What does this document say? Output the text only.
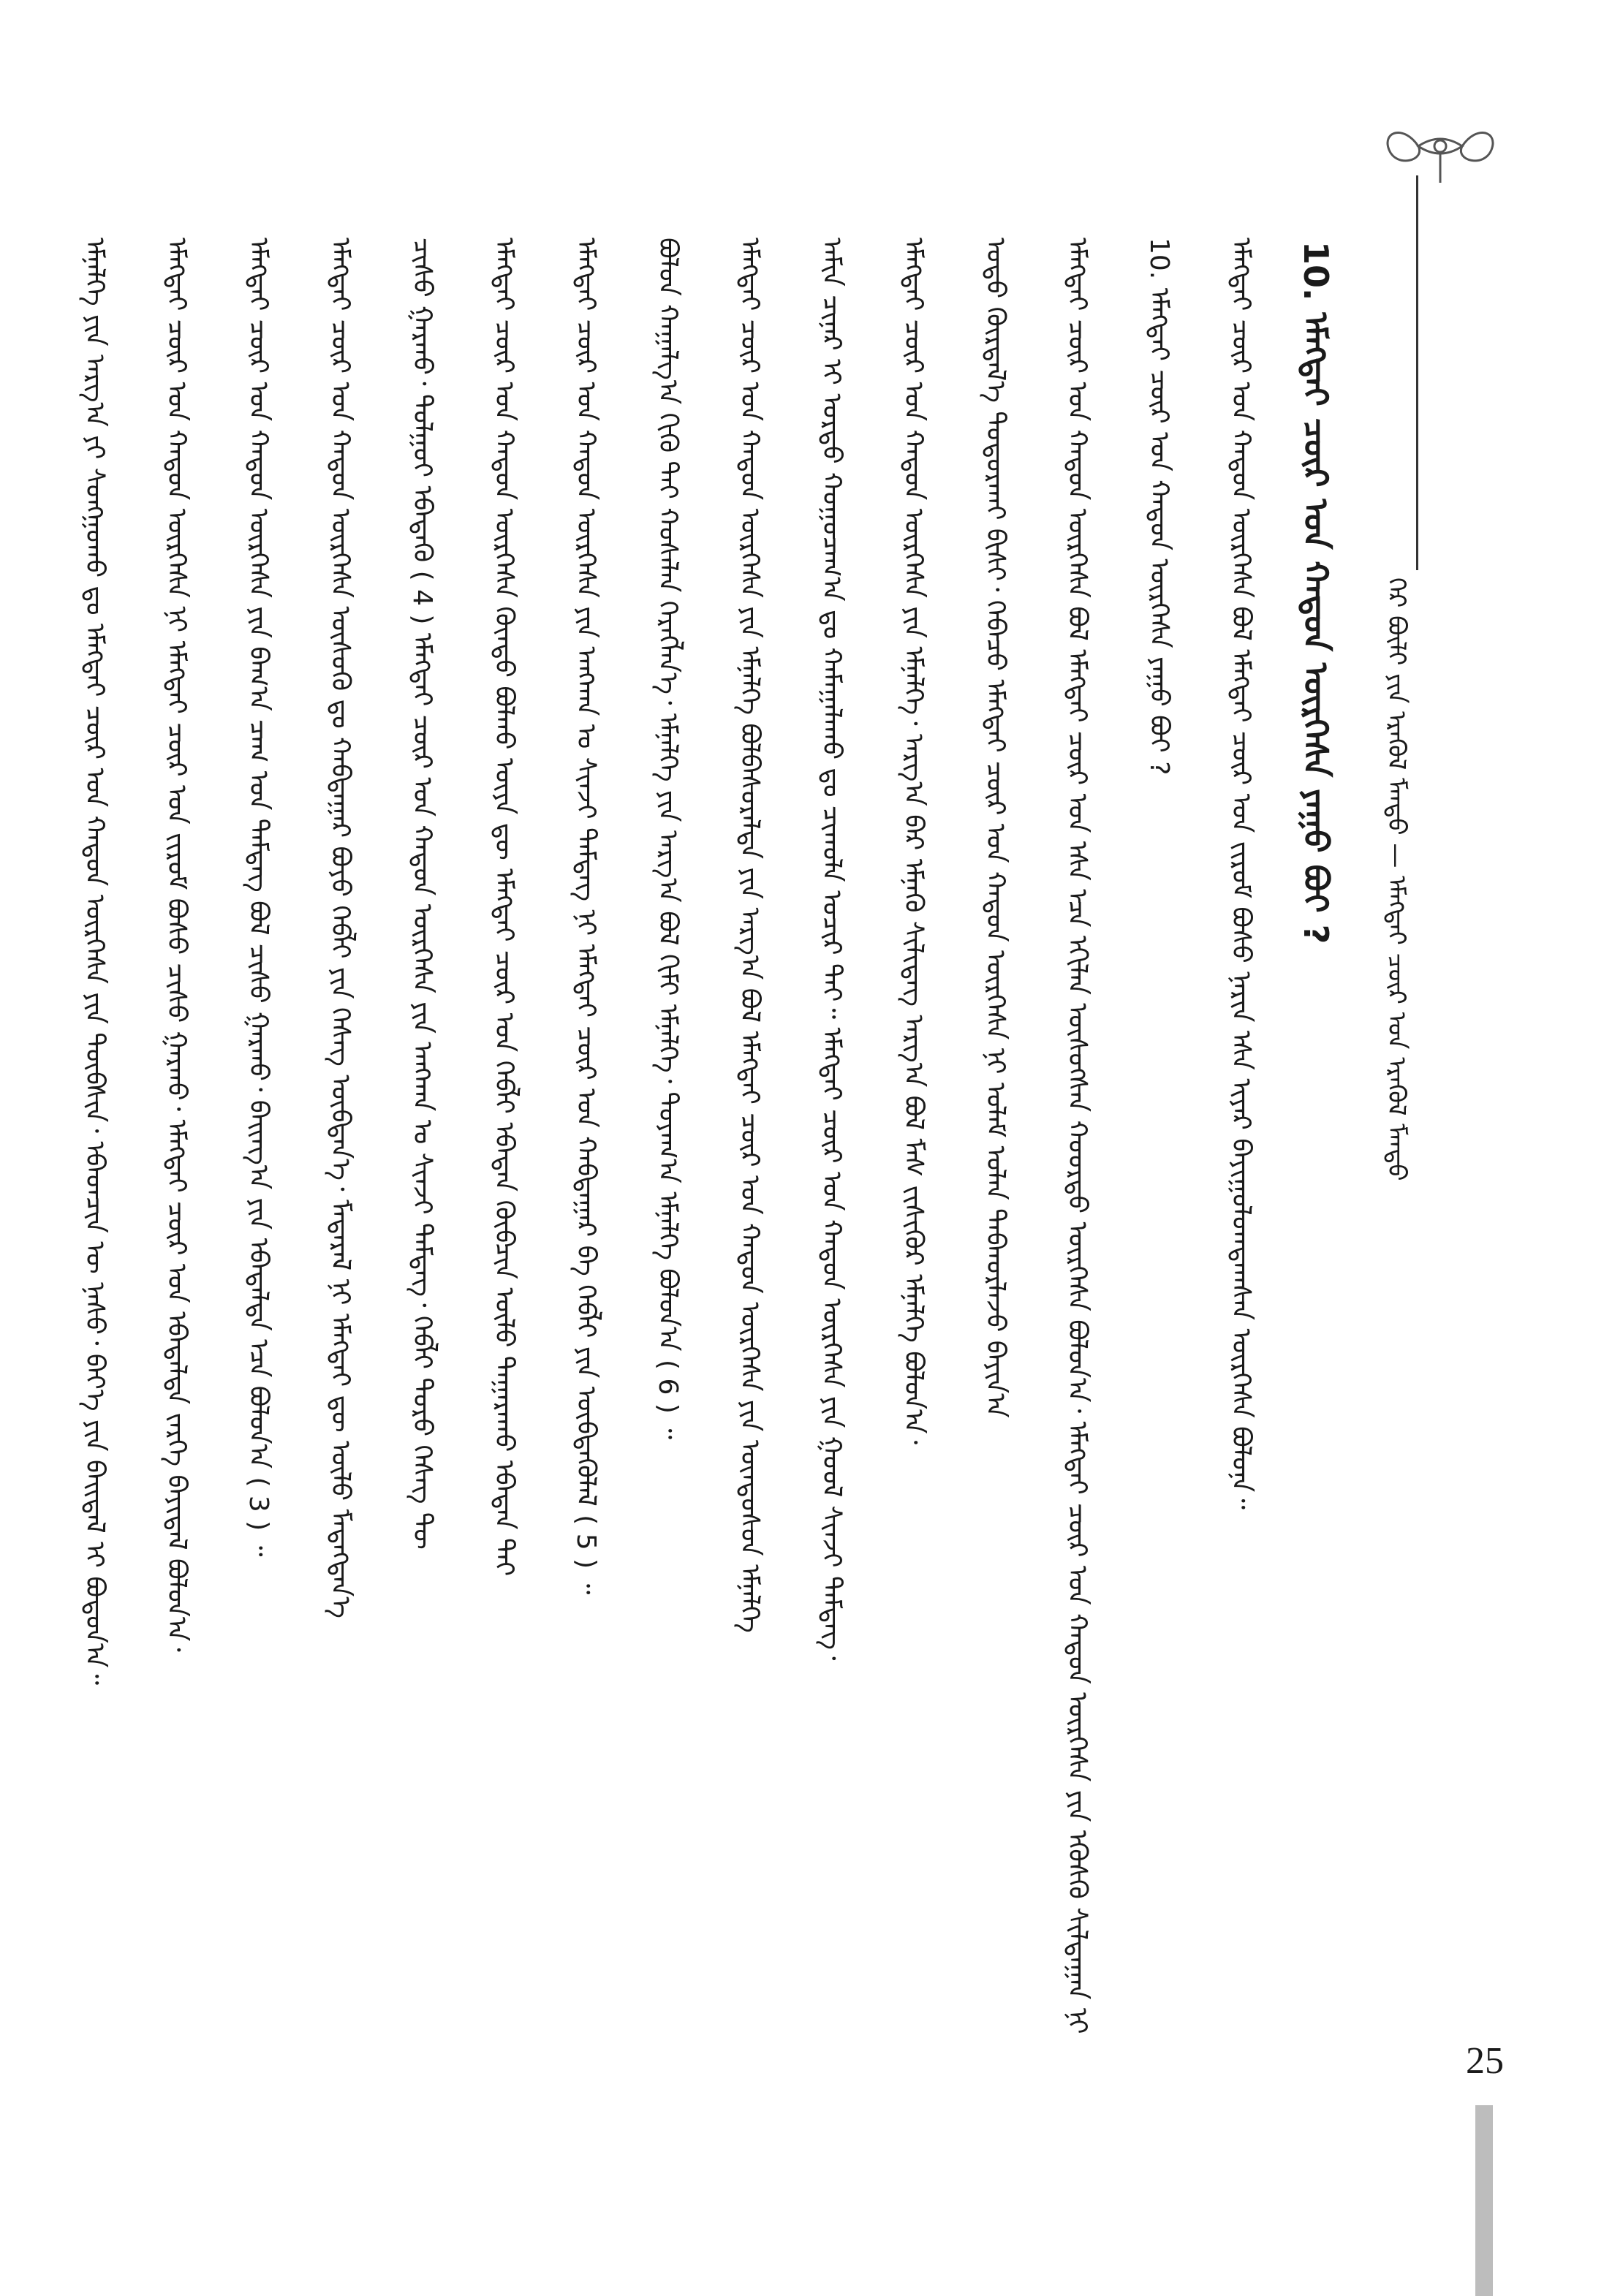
ᠭᠡᠷ ᠪᠦᠯᠢ ᠶᠢᠨ ᠡᠷᠡᠭᠦᠯ ᠮᠡᠨᠳᠦ — ᠡᠮᠡᠭᠲᠡᠢ ᠴᠦᠷ ᠤᠨ ᠡᠷᠡᠭᠦᠯ ᠮᠡᠨᠳᠦ
10. ᠡᠮᠡᠭᠲᠡᠢ ᠴᠦᠷ ᠤᠨ ᠬᠠᠳᠤᠨ ᠦᠷᠭᠡᠰᠡ ᠶᠠᠭᠤ ᠪᠤᠢ ?
ᠡᠮᠡᠭᠲᠡᠢ ᠴᠦᠷ ᠤᠨ ᠬᠠᠳᠤᠨ ᠦᠷᠭᠡᠰᠡ ᠪᠣᠯ ᠡᠮᠡᠭᠲᠡᠢ ᠴᠦᠷ ᠤᠨ ᠵᠢᠷᠤᠮ ᠪᠤᠰᠤ ᠨᠠᠷᠢᠨ ᠡᠰᠡ ᠢᠶᠡᠷ ᠪᠠᠶᠢᠭᠤᠯᠤᠭᠳᠠᠭᠰᠠᠨ ᠦᠷᠭᠡᠰᠡ ᠪᠣᠯᠤᠨᠠ᠃
10. ᠡᠮᠡᠭᠲᠡᠢ ᠴᠦᠷ ᠤᠨ ᠬᠠᠳᠤᠨ ᠦᠷᠭᠡᠰᠡ ᠶᠠᠭᠤ ᠪᠤᠢ ?
ᠡᠮᠡᠭᠲᠡᠢ ᠴᠦᠷ ᠤᠨ ᠬᠠᠳᠤᠨ ᠦᠷᠭᠡᠰᠡ ᠪᠣᠯ ᠡᠮᠡᠭᠲᠡᠢ ᠴᠦᠷ ᠤᠨ ᠡᠰᠡ ᠡᠴᠡ ᠡᠬᠢᠯᠡᠨ ᠦᠰᠦᠭᠰᠡᠨ ᠬᠣᠣᠷᠲᠤ ᠦᠷᠭᠡᠰᠡ ᠪᠣᠯᠤᠨ᠎ᠠ᠂ ᠡᠮᠡᠭᠲᠡᠢ ᠴᠦᠷ ᠤᠨ ᠬᠠᠳᠤᠨ ᠦᠷᠭᠡᠰᠡ ᠶᠢᠨ ᠡᠭᠦᠰᠬᠦ ᠰᠢᠯᠳᠠᠭᠠᠨ ᠨᠢ
ᠣᠳᠣ ᠬᠦᠷᠲᠡᠯ᠎ᠡ ᠲᠣᠳᠣᠷᠬᠠᠢ ᠪᠢᠰᠢ᠂ ᠭᠡᠪᠡᠴᠦ ᠡᠮᠡᠭᠲᠡᠢ ᠴᠦᠷ ᠤᠨ ᠬᠠᠳᠤᠨ ᠦᠷᠭᠡᠰᠡ ᠨᠢ ᠤᠯᠠᠮ ᠣᠯᠠᠨ ᠳᠠᠪᠬᠤᠷᠯᠠᠵᠤ ᠪᠠᠶᠢᠨ᠎ᠠ
ᠡᠮᠡᠭᠲᠡᠢ ᠴᠦᠷ ᠤᠨ ᠬᠠᠳᠤᠨ ᠦᠷᠭᠡᠰᠡ ᠶᠢᠨ ᠡᠮᠨᠡᠯᠭᠡ᠂ ᠠᠷᠭ᠎ᠠ ᠪᠠᠷ ᠡᠮᠨᠡᠬᠦ ᠰᠢᠯᠢᠳᠡᠭ ᠠᠷᠭ᠎ᠠ ᠪᠣᠯ ᠮᠡᠰ ᠵᠢᠰᠢᠭᠦᠷ ᠡᠮᠨᠡᠯᠭᠡ ᠪᠣᠯᠤᠨ᠎ᠠ᠂
ᠠᠮᠢᠨ ᠴᠢᠨᠠᠷ ᠢ ᠤᠷᠲᠤ ᠬᠤᠭᠤᠴᠠᠭ᠎ᠠ ᠳᠤ ᠬᠠᠮᠠᠭᠠᠯᠠᠬᠤ ᠳᠤ ᠴᠢᠬᠤᠯᠠ ᠤᠴᠢᠷ ᠲᠠᠢ᠃ ᠡᠮᠡᠭᠲᠡᠢ ᠴᠦᠷ ᠤᠨ ᠬᠠᠳᠤᠨ ᠦᠷᠭᠡᠰᠡ ᠶᠢᠨ ᠭᠣᠣᠯ ᠱᠢᠨᠵᠢ ᠲᠡᠮᠳᠡᠭ᠂
ᠡᠮᠡᠭᠲᠡᠢ ᠴᠦᠷ ᠤᠨ ᠬᠠᠳᠤᠨ ᠦᠷᠭᠡᠰᠡ ᠶᠢᠨ ᠡᠮᠨᠡᠯᠭᠡ ᠪᠣᠯᠪᠠᠰᠤᠷᠠᠯᠲᠠ ᠶᠢᠨ ᠠᠷᠭ᠎ᠠ ᠪᠣᠯ ᠡᠮᠡᠭᠲᠡᠢ ᠴᠦᠷ ᠤᠨ ᠬᠠᠳᠤᠨ ᠦᠷᠭᠡᠰᠡ ᠶᠢᠨ ᠦᠨᠳᠦᠰᠦᠨ ᠡᠮᠨᠡᠯᠭᠡ
ᠪᠣᠯᠤᠨ ᠬᠠᠭᠠᠯᠭ᠎ᠠ ᠬᠢᠬᠦ ᠲᠠᠢ ᠬᠣᠰᠠᠯᠠᠨ ᠬᠡᠷᠡᠭᠯᠡᠨ᠎ᠡ᠂ ᠡᠮᠨᠡᠯᠭᠡ ᠶᠢᠨ ᠠᠷᠭ᠎ᠠ ᠪᠣᠯ ᠬᠢᠮᠢ ᠡᠮᠨᠡᠯᠭᠡ᠂ ᠲᠤᠶᠠᠭ᠎ᠠ ᠡᠮᠨᠡᠯᠭᠡ ᠪᠣᠯᠤᠨ᠎ᠠ ( 6 ) ᠃
ᠡᠮᠡᠭᠲᠡᠢ ᠴᠦᠷ ᠤᠨ ᠬᠠᠳᠤᠨ ᠦᠷᠭᠡᠰᠡ ᠶᠢᠨ ᠠᠩᠬᠠᠨ ᠤ ᠱᠢᠨᠵᠢ ᠲᠡᠮᠳᠡᠭ ᠨᠢ ᠡᠮᠡᠭᠲᠡᠢ ᠴᠦᠷ ᠤᠨ ᠬᠠᠪᠳᠠᠭᠠᠷ ᠪᠠ ᠬᠡᠪᠯᠢ ᠶᠢᠨ ᠦᠪᠳᠡᠭᠦᠯᠡᠯ ( 5 ) ᠃
ᠡᠮᠡᠭᠲᠡᠢ ᠴᠦᠷ ᠤᠨ ᠬᠠᠳᠤᠨ ᠦᠷᠭᠡᠰᠡ ᠬᠦᠨᠳᠦ ᠪᠣᠯᠬᠤ ᠦᠶᠡ ᠳᠦ ᠡᠮᠡᠭᠲᠡᠢ ᠴᠦᠷ ᠤᠨ ᠬᠡᠪᠯᠢ ᠡᠪᠡᠳᠡᠨ ᠬᠥᠪᠴᠢᠨ ᠦᠯᠦ ᠲᠠᠭᠠᠷᠠᠬᠤ ᠡᠪᠡᠳᠡᠨ ᠲᠠᠢ
ᠴᠢᠰᠤ ᠭᠠᠷᠬᠤ᠂ ᠲᠣᠯᠭᠣᠢ ᠡᠪᠡᠳᠡᠬᠦ ( 4 ) ᠡᠮᠡᠭᠲᠡᠢ ᠴᠦᠷ ᠤᠨ ᠬᠠᠳᠤᠨ ᠦᠷᠭᠡᠰᠡ ᠶᠢᠨ ᠠᠩᠬᠠᠨ ᠤ ᠱᠢᠨᠵᠢ ᠲᠡᠮᠳᠡᠭ᠂ ᠬᠡᠪᠯᠢ ᠳᠣᠷᠤ ᠬᠡᠰᠡᠭ ᠲᠦ
ᠡᠮᠡᠭᠲᠡᠢ ᠴᠦᠷ ᠤᠨ ᠬᠠᠳᠤᠨ ᠦᠷᠭᠡᠰᠡ ᠦᠰᠦᠬᠦ ᠳᠤ ᠬᠠᠪᠳᠠᠭᠠᠷ ᠪᠤᠶᠤ ᠬᠡᠪᠯᠢ ᠶᠢᠨ ᠬᠡᠰᠡᠭ ᠦᠪᠳᠡᠨ᠎ᠡ᠂ ᠮᠡᠳᠡᠷᠡᠯ ᠨᠢ ᠡᠮᠡᠭᠲᠡᠢ ᠳᠦ ᠦᠯᠦ ᠮᠡᠳᠡᠭᠳᠡᠨ᠎ᠡ
ᠡᠮᠡᠭᠲᠡᠢ ᠴᠦᠷ ᠤᠨ ᠬᠠᠳᠤᠨ ᠦᠷᠭᠡᠰᠡ ᠶᠢᠨ ᠪᠠᠭ᠎ᠠ ᠴᠠᠭ ᠤᠨ ᠲᠡᠮᠳᠡᠭ ᠪᠣᠯ ᠴᠢᠰᠤ ᠭᠠᠷᠬᠤ᠂ ᠪᠠᠢᠨᠭ᠎ᠠ ᠶᠢᠨ ᠡᠪᠡᠳᠡᠯᠲᠡ ᠡᠴᠡ ᠪᠣᠯᠤᠨ᠎ᠠ ( 3 ) ᠃
ᠡᠮᠡᠭᠲᠡᠢ ᠴᠦᠷ ᠤᠨ ᠬᠠᠳᠤᠨ ᠦᠷᠭᠡᠰᠡ ᠨᠢ ᠡᠮᠡᠭᠲᠡᠢ ᠴᠦᠷ ᠤᠨ ᠵᠢᠷᠤᠮ ᠪᠤᠰᠤ ᠴᠢᠰᠤ ᠭᠠᠷᠬᠤ᠂ ᠡᠮᠡᠭᠲᠡᠢ ᠴᠦᠷ ᠤᠨ ᠡᠪᠡᠳᠡᠯᠲᠡ ᠵᠡᠷᠭᠡ ᠪᠠᠶᠢᠳᠠᠯ ᠪᠣᠯᠤᠨ᠎ᠠ᠂
ᠡᠮᠨᠡᠯᠭᠡ ᠶᠢᠨ ᠠᠷᠭ᠎ᠠ ᠶᠢ ᠰᠣᠩᠭᠣᠬᠤ ᠳᠤ ᠡᠮᠡᠭᠲᠡᠢ ᠴᠦᠷ ᠤᠨ ᠬᠠᠳᠤᠨ ᠦᠷᠭᠡᠰᠡ ᠶᠢᠨ ᠲᠦᠪᠰᠢᠨ᠂ ᠡᠪᠡᠳᠴᠢᠨ ᠦ ᠨᠠᠰᠤ᠂ ᠪᠡᠶ᠎ᠡ ᠶᠢᠨ ᠪᠠᠢᠳᠠᠯ ᠢ ᠪᠣᠳᠣᠨ᠎ᠠ᠃
25
